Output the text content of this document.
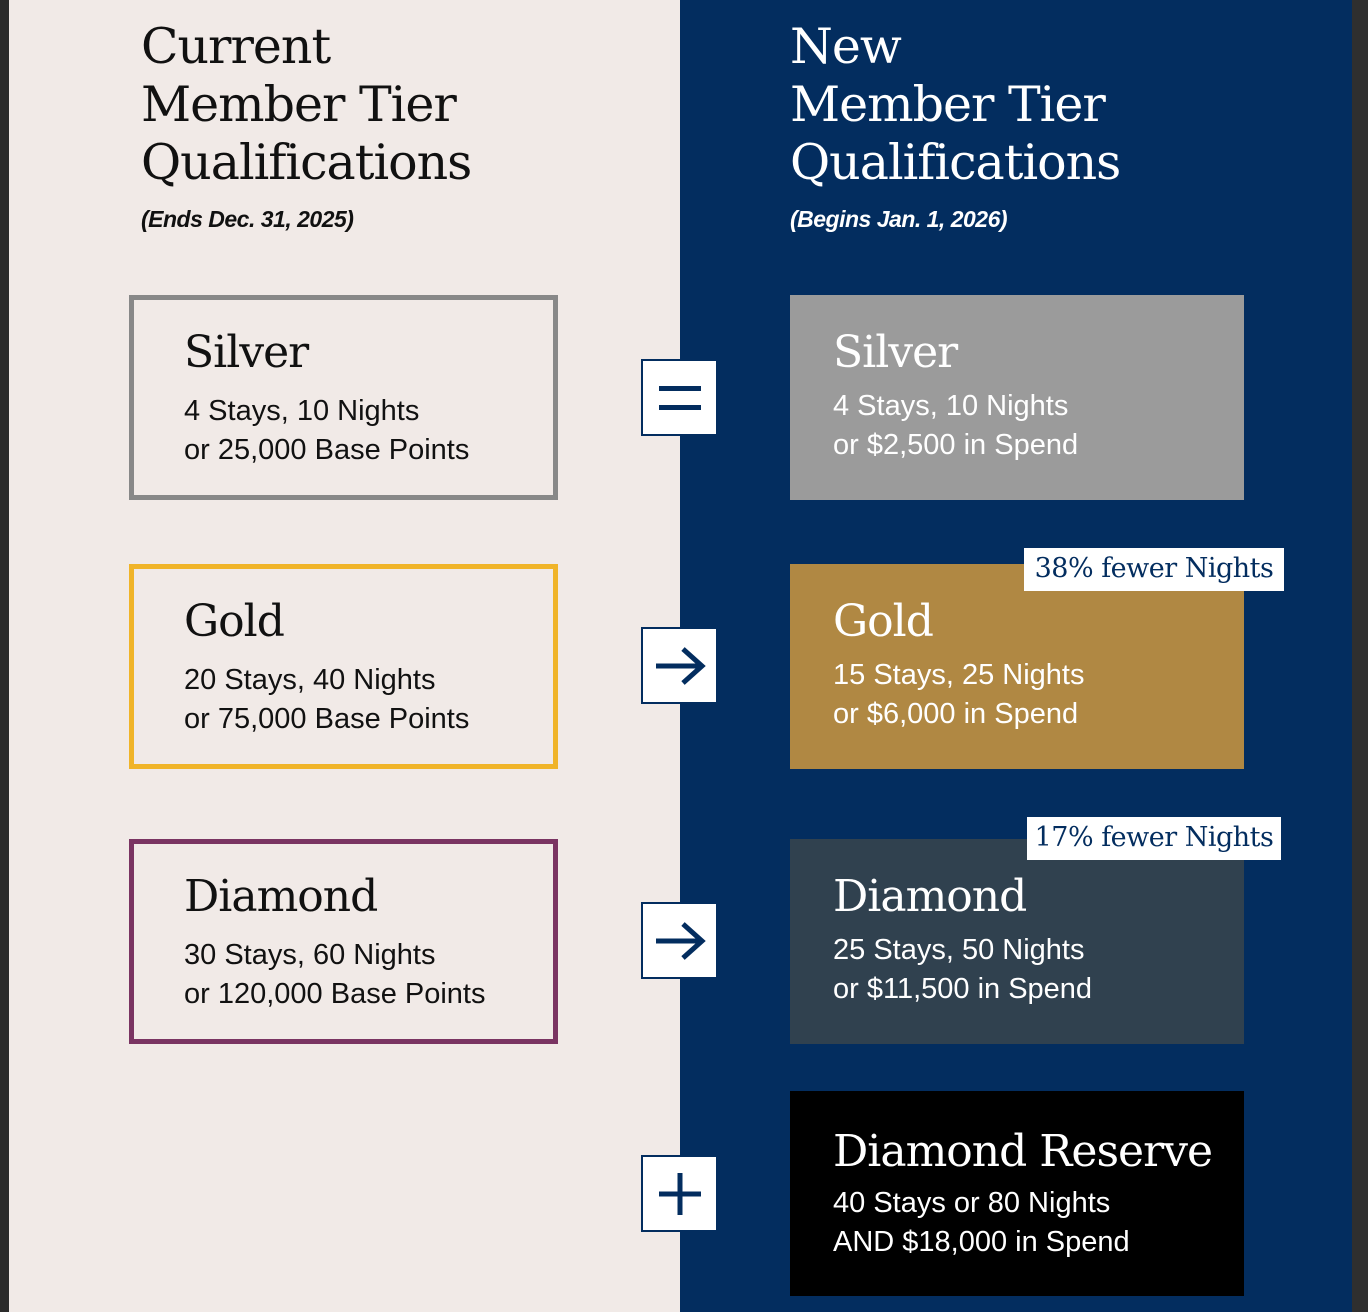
Current
Member Tier
Qualifications
(Ends Dec. 31, 2025)
New
Member Tier
Qualifications
(Begins Jan. 1, 2026)
Silver
4 Stays, 10 Nights
or 25,000 Base Points
Gold
20 Stays, 40 Nights
or 75,000 Base Points
Diamond
30 Stays, 60 Nights
or 120,000 Base Points
Silver
4 Stays, 10 Nights
or $2,500 in Spend
Gold
15 Stays, 25 Nights
or $6,000 in Spend
Diamond
25 Stays, 50 Nights
or $11,500 in Spend
Diamond Reserve
40 Stays or 80 Nights
AND $18,000 in Spend
38% fewer Nights
17% fewer Nights
